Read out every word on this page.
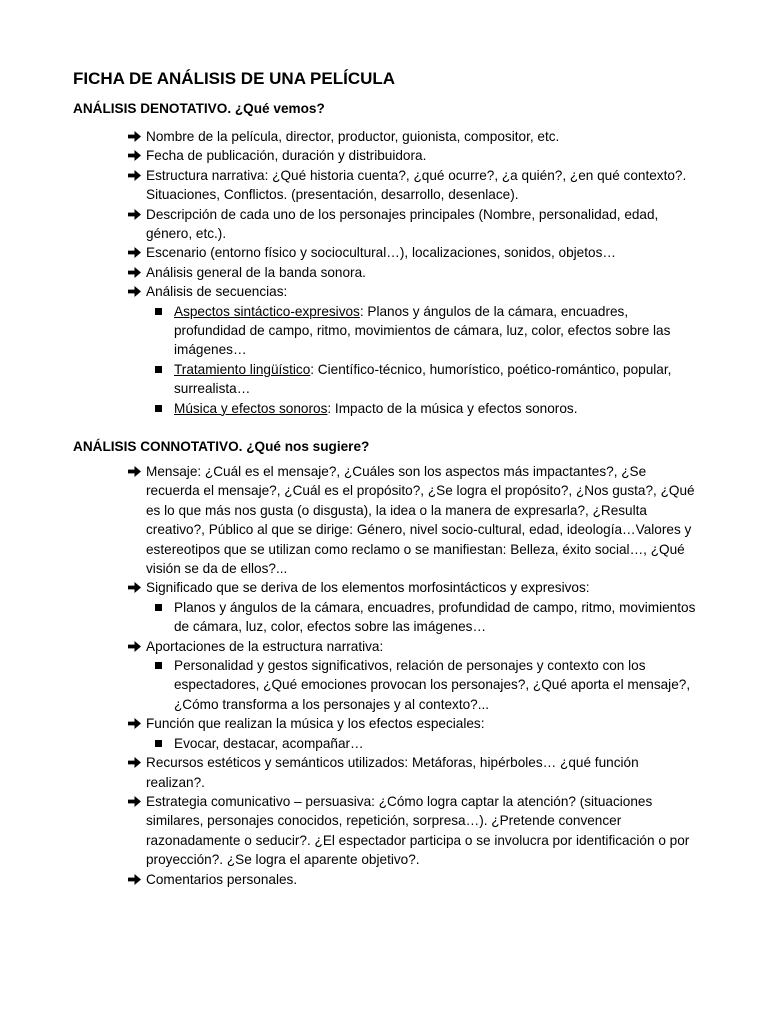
FICHA DE ANÁLISIS DE UNA PELÍCULA
ANÁLISIS DENOTATIVO. ¿Qué vemos?
Nombre de la película, director, productor, guionista, compositor, etc.
Fecha de publicación, duración y distribuidora.
Estructura narrativa: ¿Qué historia cuenta?, ¿qué ocurre?, ¿a quién?, ¿en qué contexto?. Situaciones, Conflictos. (presentación, desarrollo, desenlace).
Descripción de cada uno de los personajes principales (Nombre, personalidad, edad, género, etc.).
Escenario (entorno físico y sociocultural…), localizaciones, sonidos, objetos…
Análisis general de la banda sonora.
Análisis de secuencias:
Aspectos sintáctico-expresivos: Planos y ángulos de la cámara, encuadres, profundidad de campo, ritmo, movimientos de cámara, luz, color, efectos sobre las imágenes…
Tratamiento lingüístico: Científico-técnico, humorístico, poético-romántico, popular, surrealista…
Música y efectos sonoros: Impacto de la música y efectos sonoros.
ANÁLISIS CONNOTATIVO. ¿Qué nos sugiere?
Mensaje: ¿Cuál es el mensaje?, ¿Cuáles son los aspectos más impactantes?, ¿Se recuerda el mensaje?, ¿Cuál es el propósito?, ¿Se logra el propósito?, ¿Nos gusta?, ¿Qué es lo que más nos gusta (o disgusta), la idea o la manera de expresarla?, ¿Resulta creativo?, Público al que se dirige: Género, nivel socio-cultural, edad, ideología…Valores y estereotipos que se utilizan como reclamo o se manifiestan: Belleza, éxito social…, ¿Qué visión se da de ellos?...
Significado que se deriva de los elementos morfosintácticos y expresivos:
Planos y ángulos de la cámara, encuadres, profundidad de campo, ritmo, movimientos de cámara, luz, color, efectos sobre las imágenes…
Aportaciones de la estructura narrativa:
Personalidad y gestos significativos, relación de personajes y contexto con los espectadores, ¿Qué emociones provocan los personajes?, ¿Qué aporta el mensaje?, ¿Cómo transforma a los personajes y al contexto?...
Función que realizan la música y los efectos especiales:
Evocar, destacar, acompañar…
Recursos estéticos y semánticos utilizados: Metáforas, hipérboles… ¿qué función realizan?.
Estrategia comunicativo – persuasiva: ¿Cómo logra captar la atención? (situaciones similares, personajes conocidos, repetición, sorpresa…). ¿Pretende convencer razonadamente o seducir?. ¿El espectador participa o se involucra por identificación o por proyección?. ¿Se logra el aparente objetivo?.
Comentarios personales.
